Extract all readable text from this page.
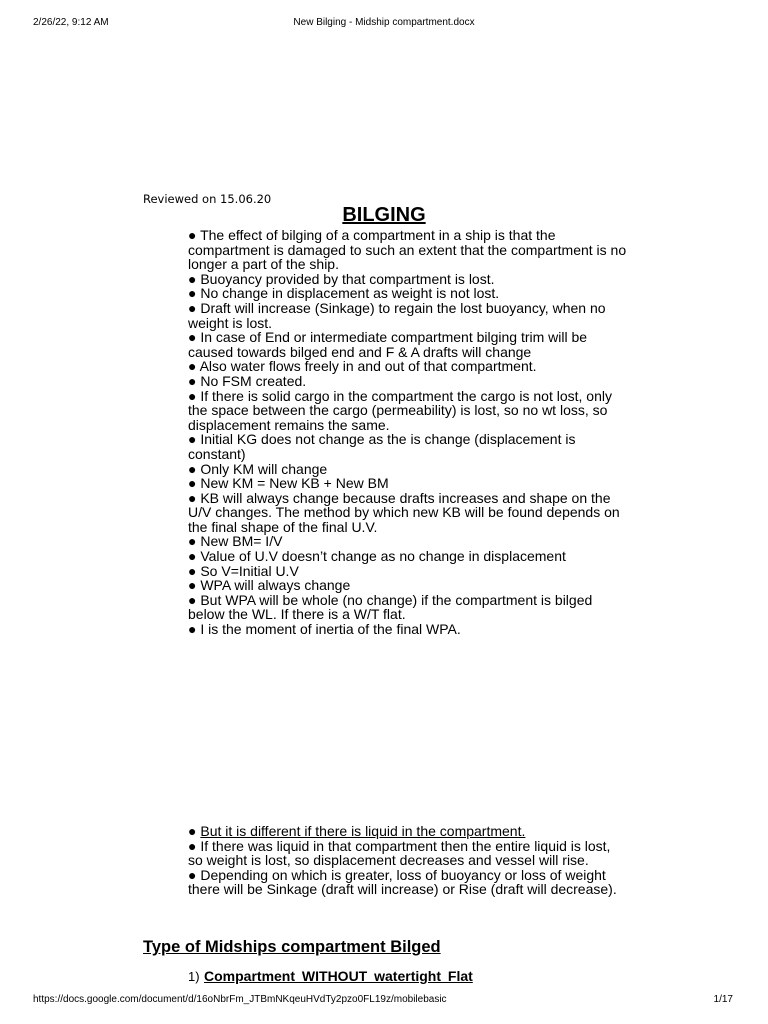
2/26/22, 9:12 AM	New Bilging - Midship compartment.docx
Reviewed on 15.06.20
BILGING

● The effect of bilging of a compartment in a ship is that the compartment is damaged to such an extent that the compartment is no longer a part of the ship.

● Buoyancy provided by that compartment is lost.

● No change in displacement as weight is not lost.

● Draft will increase (Sinkage) to regain the lost buoyancy, when no weight is lost.

● In case of End or intermediate compartment bilging trim will be caused towards bilged end and F & A drafts will change

● Also water flows freely in and out of that compartment.

● No FSM created.

● If there is solid cargo in the compartment the cargo is not lost, only the space between the cargo (permeability) is lost, so no wt loss, so displacement remains the same.

● Initial KG does not change as the is change (displacement is constant)

● Only KM will change

● New KM = New KB + New BM

● KB will always change because drafts increases and shape on the U/V changes. The method by which new KB will be found depends on the final shape of the final U.V.

● New BM= I/V

● Value of U.V doesn’t change as no change in displacement

● So V=Initial U.V

● WPA will always change

● But WPA will be whole (no change) if the compartment is bilged below the WL. If there is a W/T flat.

● I is the moment of inertia of the final WPA.

● But it is different if there is liquid in the compartment.

● If there was liquid in that compartment then the entire liquid is lost, so weight is lost, so displacement decreases and vessel will rise.

● Depending on which is greater, loss of buoyancy or loss of weight there will be Sinkage (draft will increase) or Rise (draft will decrease).

Type of Midships compartment Bilged
1) Compartment WITHOUT watertight Flat
https://docs.google.com/document/d/16oNbrFm_JTBmNKqeuHVdTy2pzo0FL19z/mobilebasic	1/17
